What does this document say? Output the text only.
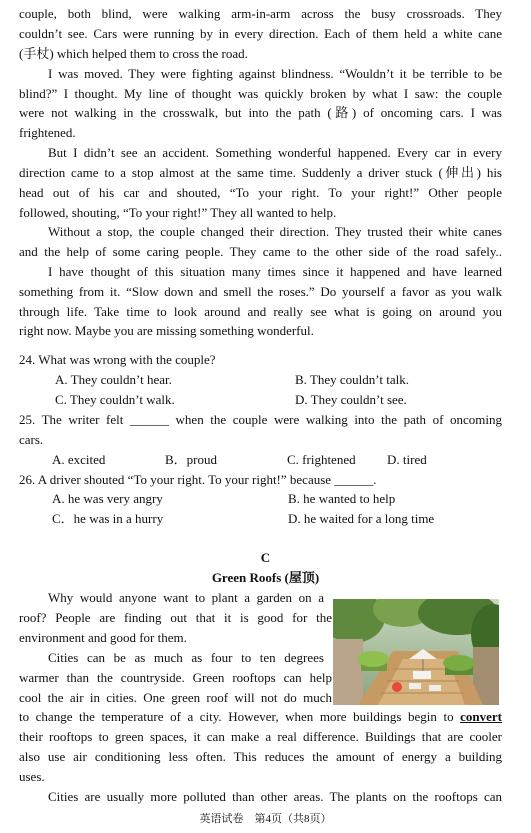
couple, both blind, were walking arm-in-arm across the busy crossroads. They
couldn’t see. Cars were running by in every direction. Each of them held a white cane
(手杖) which helped them to cross the road.
I was moved. They were fighting against blindness. “Wouldn’t it be terrible to be
blind?” I thought. My line of thought was quickly broken by what I saw: the couple
were not walking in the crosswalk, but into the path (路) of oncoming cars. I was
frightened.
But I didn’t see an accident. Something wonderful happened. Every car in every
direction came to a stop almost at the same time. Suddenly a driver stuck (伸出) his
head out of his car and shouted, “To your right. To your right!” Other people
followed, shouting, “To your right!” They all wanted to help.
Without a stop, the couple changed their direction. They trusted their white canes
and the help of some caring people. They came to the other side of the road safely..
I have thought of this situation many times since it happened and have learned
something from it. “Slow down and smell the roses.” Do yourself a favor as you walk
through life. Take time to look around and really see what is going on around you
right now. Maybe you are missing something wonderful.
24. What was wrong with the couple?
A. They couldn’t hear.	B. They couldn’t talk.
C. They couldn’t walk.	D. They couldn’t see.
25. The writer felt ______ when the couple were walking into the path of oncoming
cars.
A. excited	B．proud	C. frightened D. tired
26. A driver shouted “To your right. To your right!” because ______.
A. he was very angry	B. he wanted to help
C．he was in a hurry	D. he waited for a long time
C
Green Roofs (屋顶)
Why would anyone want to plant a garden on a
roof? People are finding out that it is good for the
environment and good for them.
Cities can be as much as four to ten degrees
warmer than the countryside. Green rooftops can help
cool the air in cities. One green roof will not do much
to change the temperature of a city. However, when more buildings begin to convert
their rooftops to green spaces, it can make a real difference. Buildings that are cooler
also use air conditioning less often. This reduces the amount of energy a building
uses.
Cities are usually more polluted than other areas. The plants on the rooftops can
英语试卷　第4页（共8页）
